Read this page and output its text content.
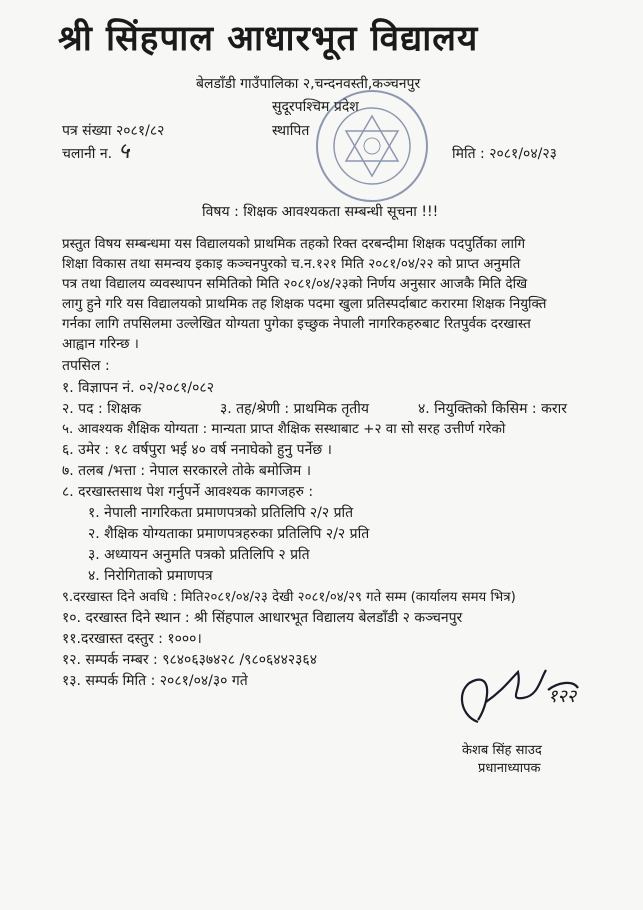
श्री सिंहपाल आधारभूत विद्यालय
बेलडाँडी गाउँपालिका २,चन्दनवस्ती,कञ्चनपुर
सुदूरपश्चिम प्रदेश
पत्र संख्या २०८१/८२	स्थापित
चलानी न. ५	मिति : २०८१/०४/२३
विषय : शिक्षक आवश्यकता सम्बन्धी सूचना !!!
प्रस्तुत विषय सम्बन्धमा यस विद्यालयको प्राथमिक तहको रिक्त दरबन्दीमा शिक्षक पदपुर्तिका लागि
शिक्षा विकास तथा समन्वय इकाइ कञ्चनपुरको च.न.१२१ मिति २०८१/०४/२२ को प्राप्त अनुमति
पत्र तथा विद्यालय व्यवस्थापन समितिको मिति २०८१/०४/२३को निर्णय अनुसार आजकै मिति देखि
लागु हुने गरि यस विद्यालयको प्राथमिक तह शिक्षक पदमा खुला प्रतिस्पर्दाबाट करारमा शिक्षक नियुक्ति
गर्नका लागि तपसिलमा उल्लेखित योग्यता पुगेका इच्छुक नेपाली नागरिकहरुबाट रितपुर्वक दरखास्त
आह्वान गरिन्छ ।
तपसिल :
१. विज्ञापन नं. ०२/२०८१/०८२
२. पद : शिक्षक	३. तह/श्रेणी : प्राथमिक तृतीय	४. नियुक्तिको किसिम : करार
५. आवश्यक शैक्षिक योग्यता : मान्यता प्राप्त शैक्षिक सस्थाबाट +२ वा सो सरह उत्तीर्ण गरेको
६. उमेर : १८ वर्षपुरा भई ४० वर्ष ननाघेको हुनु पर्नेछ ।
७. तलब /भत्ता : नेपाल सरकारले तोके बमोजिम ।
८. दरखास्तसाथ पेश गर्नुपर्ने आवश्यक कागजहरु :
१. नेपाली नागरिकता प्रमाणपत्रको प्रतिलिपि २/२ प्रति
२. शैक्षिक योग्यताका प्रमाणपत्रहरुका प्रतिलिपि २/२ प्रति
३. अध्यायन अनुमति पत्रको प्रतिलिपि २ प्रति
४. निरोगिताको प्रमाणपत्र
९.दरखास्त दिने अवधि : मिति२०८१/०४/२३ देखी २०८१/०४/२९ गते सम्म (कार्यालय समय भित्र)
१०. दरखास्त दिने स्थान : श्री सिंहपाल आधारभूत विद्यालय बेलडाँडी २ कञ्चनपुर
११.दरखास्त दस्तुर : १०००।
१२. सम्पर्क नम्बर : ९८४०६३७४२८ /९८०६४४२३६४
१३. सम्पर्क मिति : २०८१/०४/३० गते
१२२
केशब सिंह साउद
प्रधानाध्यापक
